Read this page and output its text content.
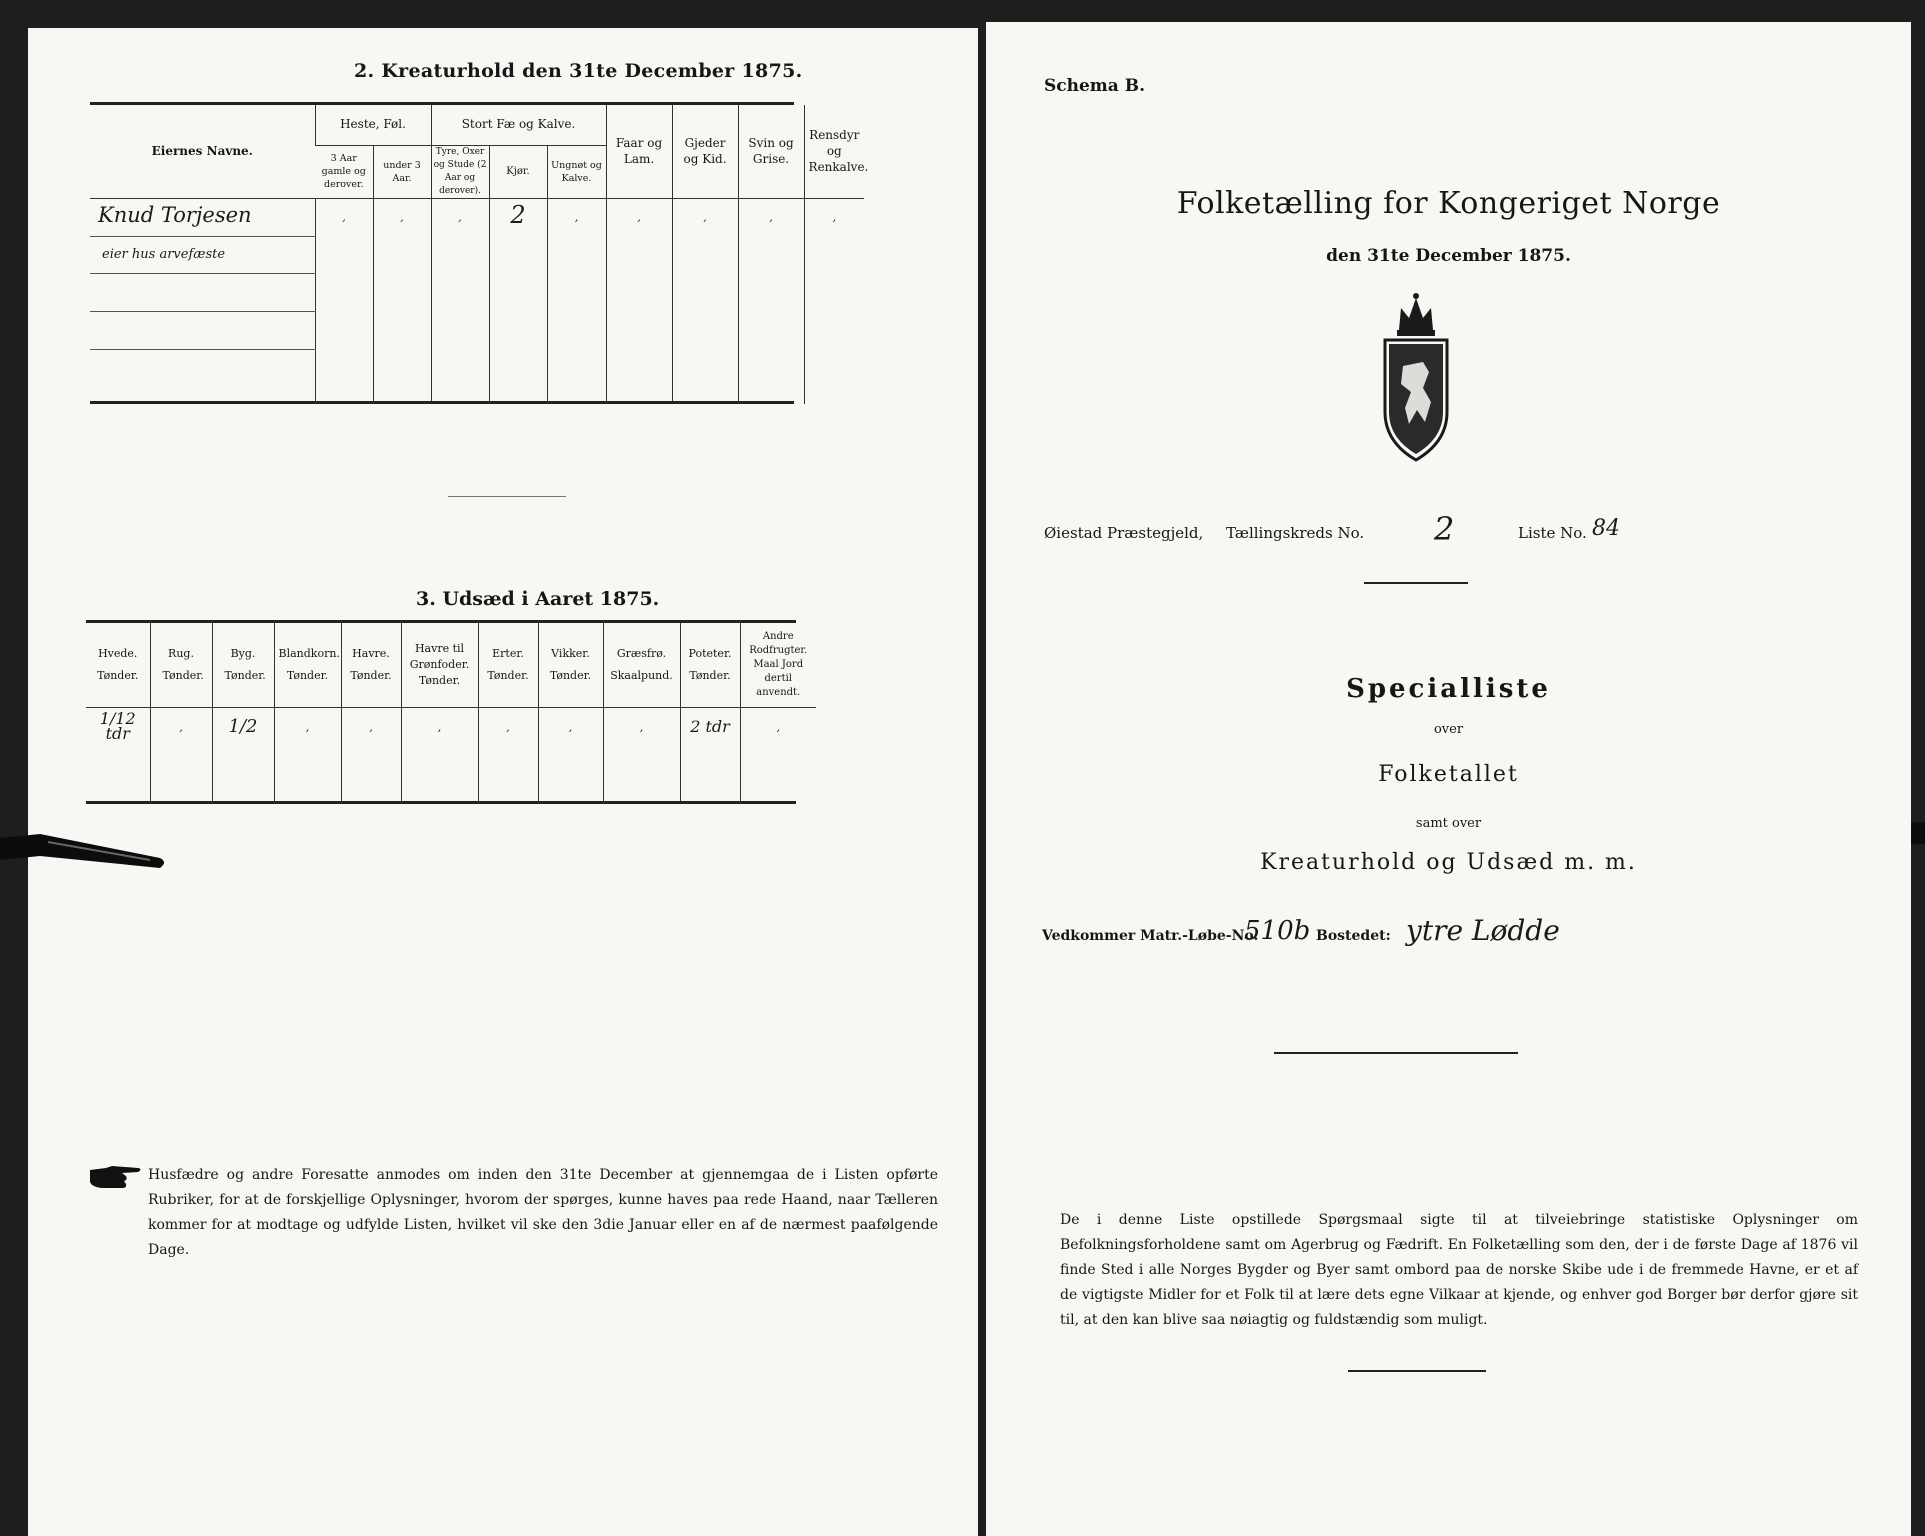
2. Kreaturhold den 31te December 1875.
Eiernes Navne.	Heste, Føl.		Stort Fæ og Kalve.			Faar og Lam.	Gjeder og Kid.	Svin og Grise.	Rensdyr og Renkalve.

	3 Aar gamle og derover.	under 3 Aar.	Tyre, Oxer og Stude (2 Aar og derover).	Kjør.	Ungnøt og Kalve.				

Knud Torjesen	,	,	,	2	,	,	,	,	,
eier hus arvefæste									

3. Udsæd i Aaret 1875.
Hvede. Tønder.	Rug. Tønder.	Byg. Tønder.	Blandkorn. Tønder.	Havre. Tønder.	Havre til Grønfoder. Tønder.	Erter. Tønder.	Vikker. Tønder.	Græsfrø. Skaalpund.	Poteter. Tønder.	Andre Rodfrugter. Maal Jord dertil anvendt.

1/12 tdr	,	1/2	,	,	,	,	,	,	2 tdr	,

Husfædre og andre Foresatte anmodes om inden den 31te December at gjennemgaa de i Listen opførte Rubriker, for at de forskjellige Oplysninger, hvorom der spørges, kunne haves paa rede Haand, naar Tælleren kommer for at modtage og udfylde Listen, hvilket vil ske den 3die Januar eller en af de nærmest paafølgende Dage.
Schema B.
Folketælling for Kongeriget Norge
den 31te December 1875.
Øiestad Præstegjeld, Tællingskreds No. 2	Liste No. 84
Specialliste
over
Folketallet
samt over
Kreaturhold og Udsæd m. m.
Vedkommer Matr.-Løbe-No.
510b Bostedet: ytre Lødde
De i denne Liste opstillede Spørgsmaal sigte til at tilveiebringe statistiske Oplysninger om Befolkningsforholdene samt om Agerbrug og Fædrift. En Folketælling som den, der i de første Dage af 1876 vil finde Sted i alle Norges Bygder og Byer samt ombord paa de norske Skibe ude i de fremmede Havne, er et af de vigtigste Midler for et Folk til at lære dets egne Vilkaar at kjende, og enhver god Borger bør derfor gjøre sit til, at den kan blive saa nøiagtig og fuldstændig som muligt.
